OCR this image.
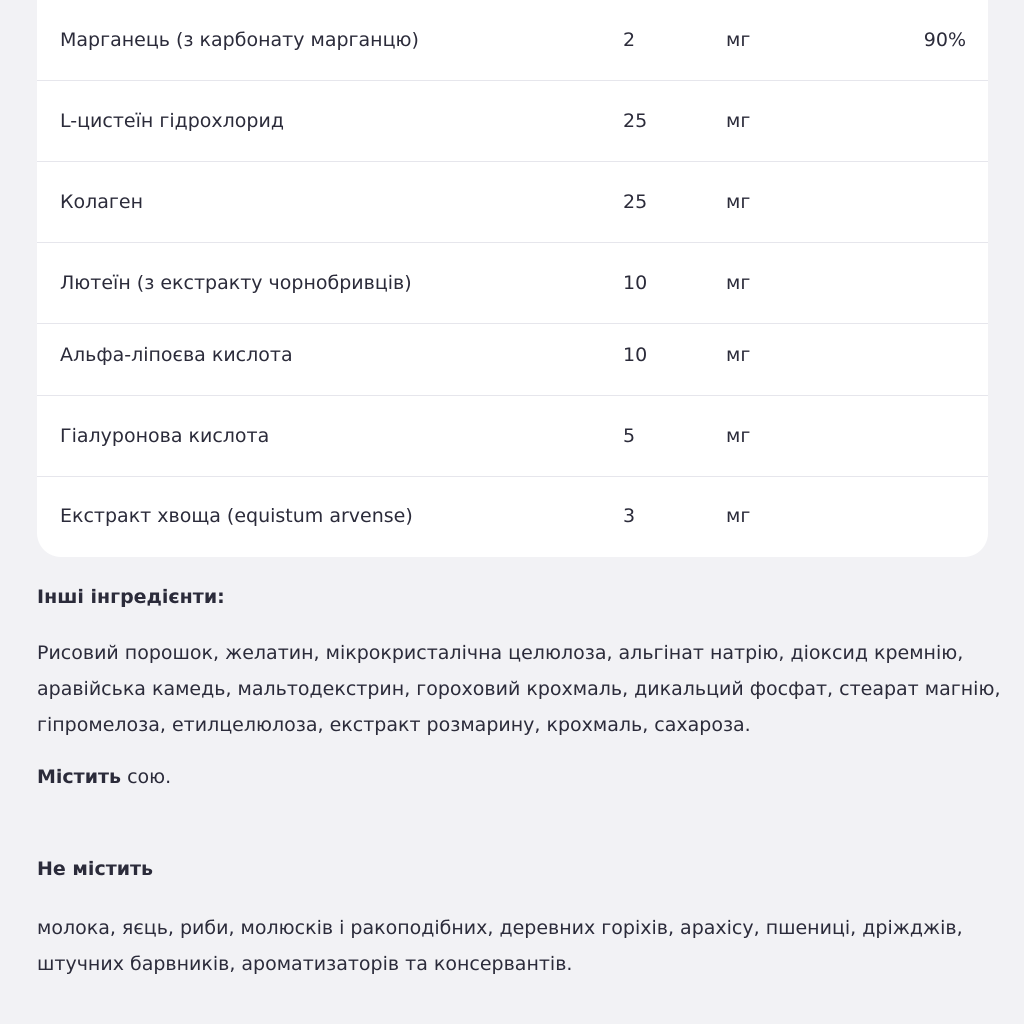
Марганець (з карбонату марганцю)	2	мг	90%
L-цистеїн гідрохлорид	25	мг
Колаген	25	мг
Лютеїн (з екстракту чорнобривців)	10	мг
Альфа-ліпоєва кислота	10	мг
Гіалуронова кислота	5	мг
Екстракт хвоща (equistum arvense)	3	мг
Інші інгредієнти:
Рисовий порошок, желатин, мікрокристалічна целюлоза, альгінат натрію, діоксид кремнію,
аравійська камедь, мальтодекстрин, гороховий крохмаль, дикальций фосфат, стеарат магнію,
гіпромелоза, етилцелюлоза, екстракт розмарину, крохмаль, сахароза.
Містить сою.
Не містить
молока, яєць, риби, молюсків і ракоподібних, деревних горіхів, арахісу, пшениці, дріжджів,
штучних барвників, ароматизаторів та консервантів.
